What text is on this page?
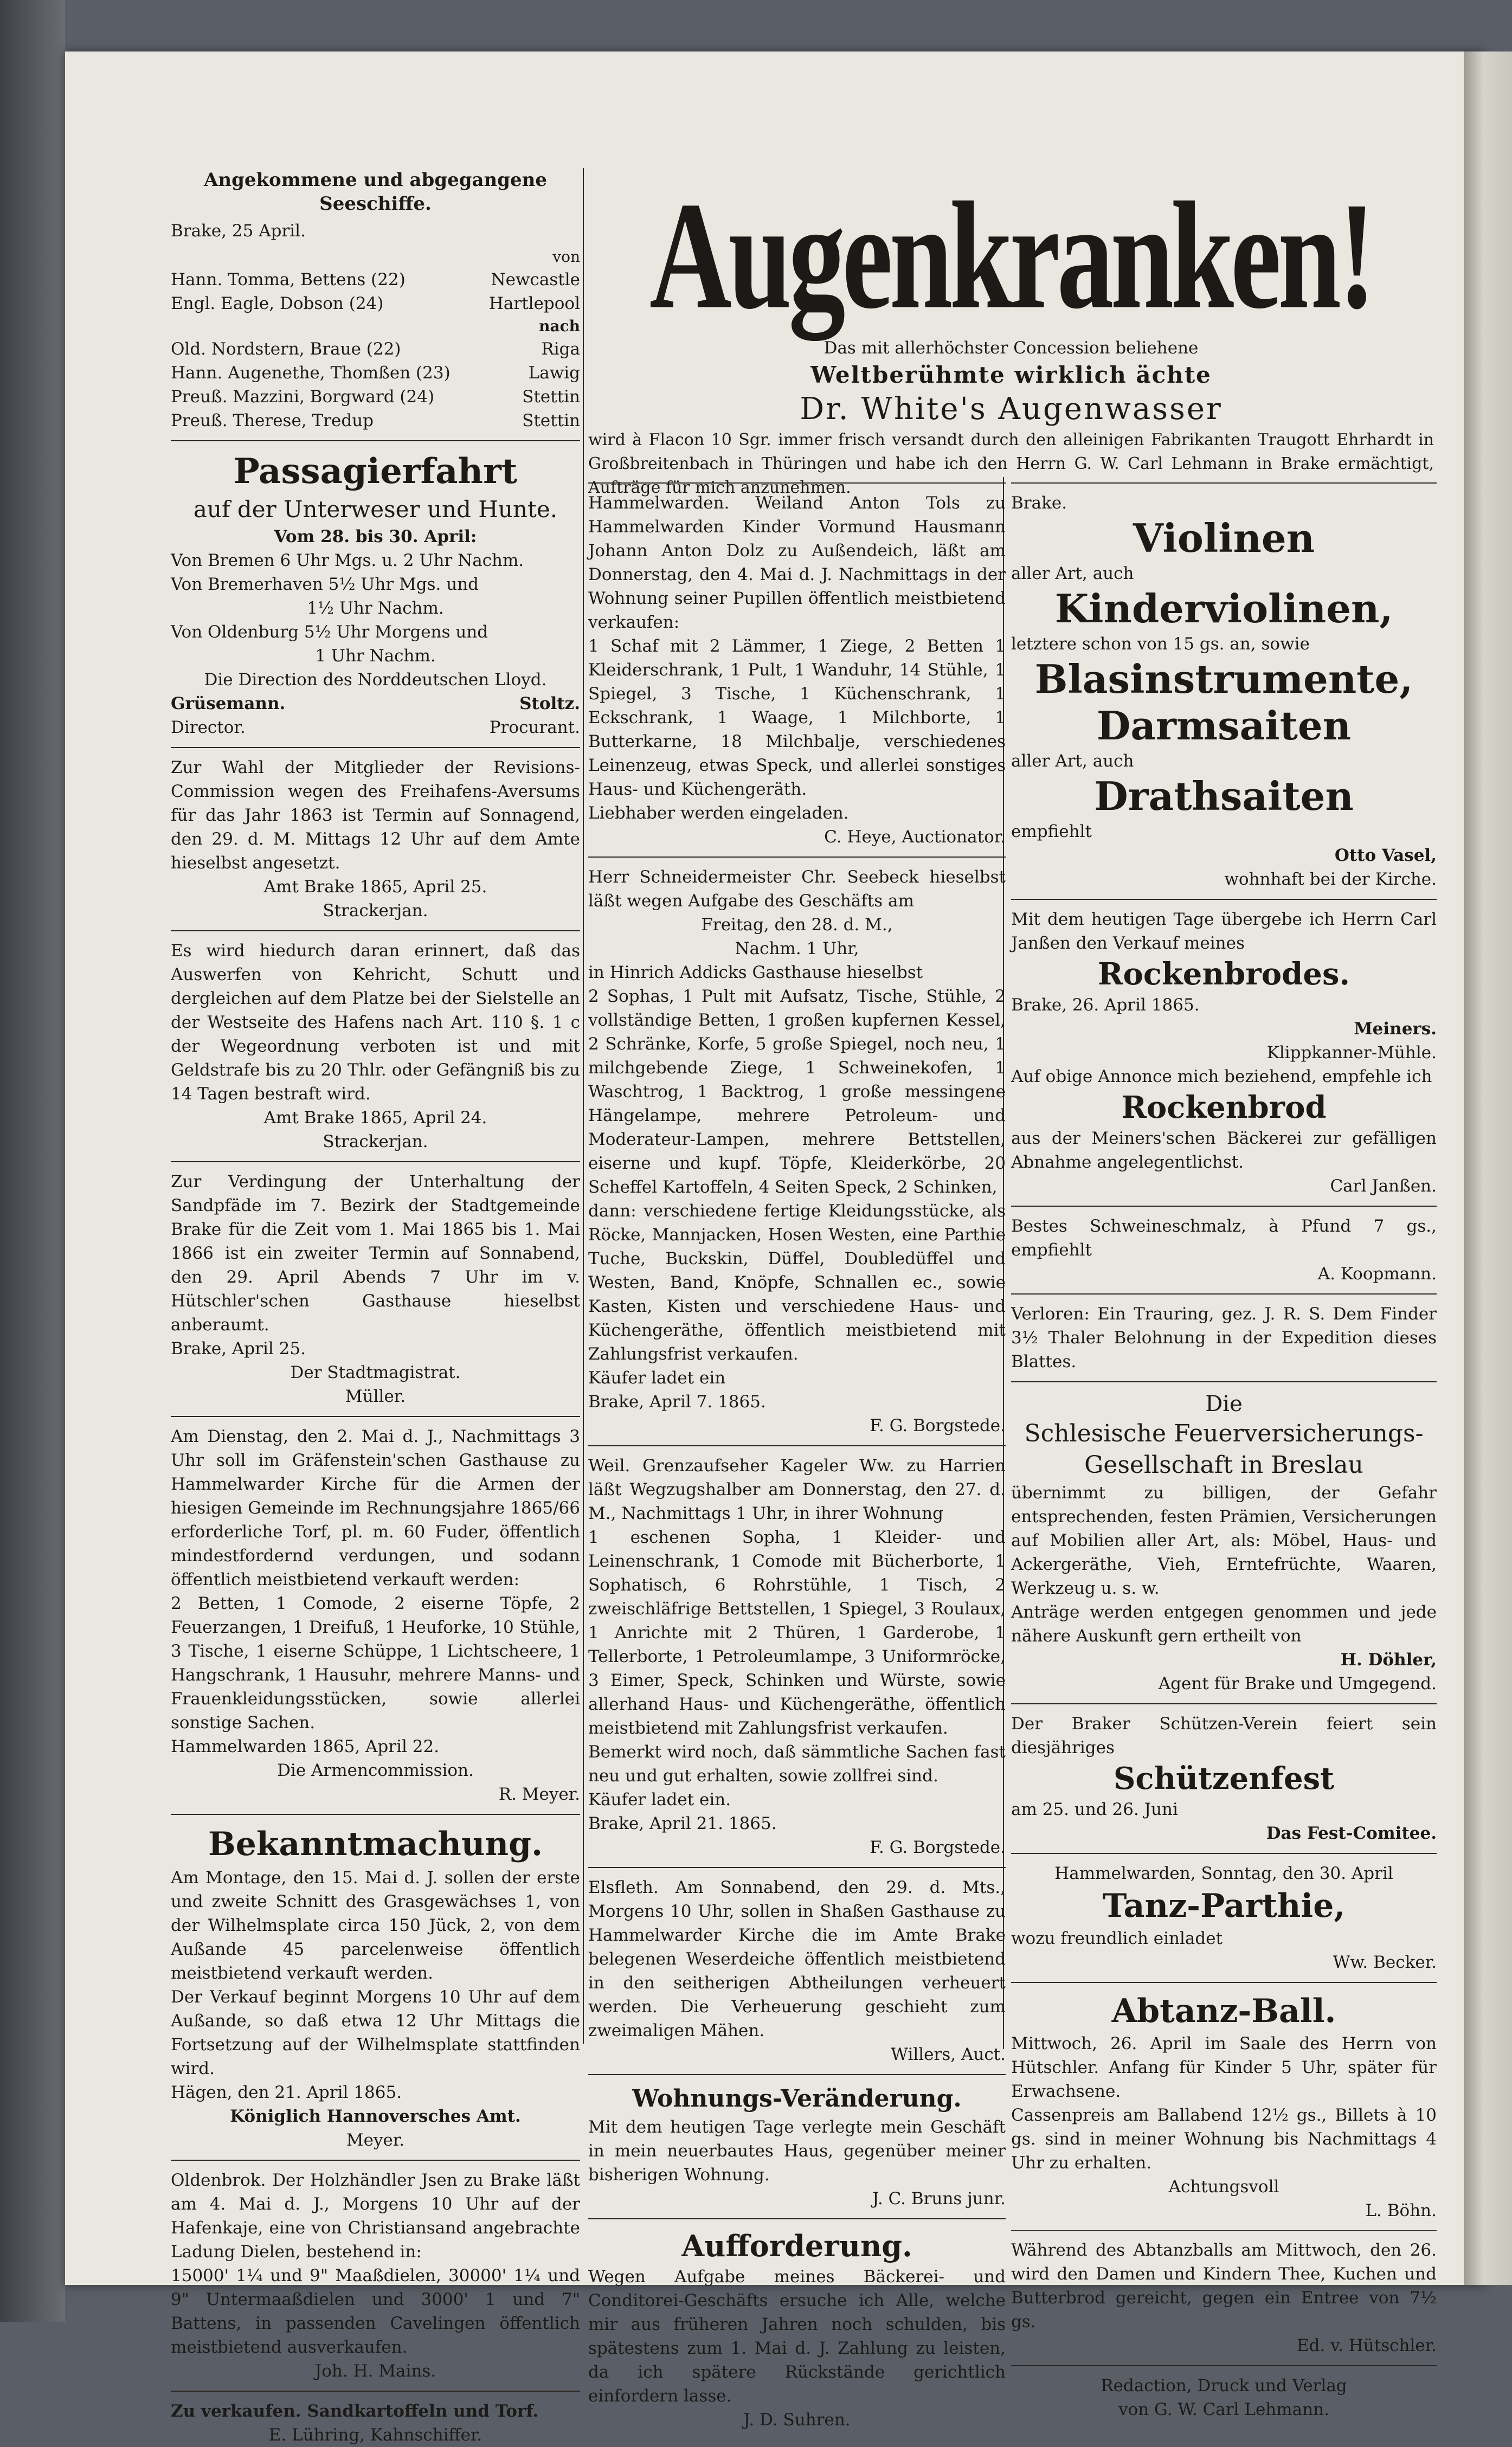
Angekommene und abgegangene

Seeschiffe.

Brake, 25 April.

von

Hann. Tomma, Bettens (22)	Newcastle
Engl. Eagle, Dobson (24)	Hartlepool

nach

Old. Nordstern, Braue (22)	Riga
Hann. Augenethe, Thomßen (23)	Lawig
Preuß. Mazzini, Borgward (24)	Stettin
Preuß. Therese, Tredup	Stettin

Passagierfahrt

auf der Unterweser und Hunte.

Vom 28. bis 30. April:

Von Bremen 6 Uhr Mgs. u. 2 Uhr Nachm.

Von Bremerhaven 5½ Uhr Mgs. und

1½ Uhr Nachm.

Von Oldenburg 5½ Uhr Morgens und

1 Uhr Nachm.

Die Direction des Norddeutschen Lloyd.

Grüsemann.	Stoltz.
Director.	Procurant.

Zur Wahl der Mitglieder der Revisions-Commission wegen des Freihafens-Aversums für das Jahr 1863 ist Termin auf Sonnagend, den 29. d. M. Mittags 12 Uhr auf dem Amte hieselbst angesetzt.

Amt Brake 1865, April 25.

Strackerjan.

Es wird hiedurch daran erinnert, daß das Auswerfen von Kehricht, Schutt und dergleichen auf dem Platze bei der Sielstelle an der Westseite des Hafens nach Art. 110 §. 1 c der Wegeordnung verboten ist und mit Geldstrafe bis zu 20 Thlr. oder Gefängniß bis zu 14 Tagen bestraft wird.

Amt Brake 1865, April 24.

Strackerjan.

Zur Verdingung der Unterhaltung der Sandpfäde im 7. Bezirk der Stadtgemeinde Brake für die Zeit vom 1. Mai 1865 bis 1. Mai 1866 ist ein zweiter Termin auf Sonnabend, den 29. April Abends 7 Uhr im v. Hütschler'schen Gasthause hieselbst anberaumt.

Brake, April 25.

Der Stadtmagistrat.

Müller.

Am Dienstag, den 2. Mai d. J., Nachmittags 3 Uhr soll im Gräfenstein'schen Gasthause zu Hammelwarder Kirche für die Armen der hiesigen Gemeinde im Rechnungsjahre 1865/66 erforderliche Torf, pl. m. 60 Fuder, öffentlich mindestfordernd verdungen, und sodann öffentlich meistbietend verkauft werden:

2 Betten, 1 Comode, 2 eiserne Töpfe, 2 Feuerzangen, 1 Dreifuß, 1 Heuforke, 10 Stühle, 3 Tische, 1 eiserne Schüppe, 1 Lichtscheere, 1 Hangschrank, 1 Hausuhr, mehrere Manns- und Frauenkleidungsstücken, sowie allerlei sonstige Sachen.

Hammelwarden 1865, April 22.

Die Armencommission.

R. Meyer.

Bekanntmachung.

Am Montage, den 15. Mai d. J. sollen der erste und zweite Schnitt des Grasgewächses 1, von der Wilhelmsplate circa 150 Jück, 2, von dem Außande 45 parcelenweise öffentlich meistbietend verkauft werden.

Der Verkauf beginnt Morgens 10 Uhr auf dem Außande, so daß etwa 12 Uhr Mittags die Fortsetzung auf der Wilhelmsplate stattfinden wird.

Hägen, den 21. April 1865.

Königlich Hannoversches Amt.

Meyer.

Oldenbrok. Der Holzhändler Jsen zu Brake läßt am 4. Mai d. J., Morgens 10 Uhr auf der Hafenkaje, eine von Christiansand angebrachte Ladung Dielen, bestehend in:

15000' 1¼ und 9" Maaßdielen, 30000' 1¼ und 9" Untermaaßdielen und 3000' 1 und 7" Battens, in passenden Cavelingen öffentlich meistbietend ausverkaufen.

Joh. H. Mains.

Zu verkaufen. Sandkartoffeln und Torf.

E. Lühring, Kahnschiffer.

Augenkranken!

Das mit allerhöchster Concession beliehene

Weltberühmte wirklich ächte

Dr. White's Augenwasser

wird à Flacon 10 Sgr. immer frisch versandt durch den alleinigen Fabrikanten Traugott Ehrhardt in Großbreitenbach in Thüringen und habe ich den Herrn G. W. Carl Lehmann in Brake ermächtigt, Aufträge für mich anzunehmen.

Hammelwarden. Weiland Anton Tols zu Hammelwarden Kinder Vormund Hausmann Johann Anton Dolz zu Außendeich, läßt am Donnerstag, den 4. Mai d. J. Nachmittags in der Wohnung seiner Pupillen öffentlich meistbietend verkaufen:

1 Schaf mit 2 Lämmer, 1 Ziege, 2 Betten 1 Kleiderschrank, 1 Pult, 1 Wanduhr, 14 Stühle, 1 Spiegel, 3 Tische, 1 Küchenschrank, 1 Eckschrank, 1 Waage, 1 Milchborte, 1 Butterkarne, 18 Milchbalje, verschiedenes Leinenzeug, etwas Speck, und allerlei sonstiges Haus- und Küchengeräth.

Liebhaber werden eingeladen.

C. Heye, Auctionator.

Herr Schneidermeister Chr. Seebeck hieselbst läßt wegen Aufgabe des Geschäfts am

Freitag, den 28. d. M.,

Nachm. 1 Uhr,

in Hinrich Addicks Gasthause hieselbst

2 Sophas, 1 Pult mit Aufsatz, Tische, Stühle, 2 vollständige Betten, 1 großen kupfernen Kessel, 2 Schränke, Korfe, 5 große Spiegel, noch neu, 1 milchgebende Ziege, 1 Schweinekofen, 1 Waschtrog, 1 Backtrog, 1 große messingene Hängelampe, mehrere Petroleum- und Moderateur-Lampen, mehrere Bettstellen, eiserne und kupf. Töpfe, Kleiderkörbe, 20 Scheffel Kartoffeln, 4 Seiten Speck, 2 Schinken,

dann: verschiedene fertige Kleidungsstücke, als Röcke, Mannjacken, Hosen Westen, eine Parthie Tuche, Buckskin, Düffel, Doubledüffel und Westen, Band, Knöpfe, Schnallen ec., sowie Kasten, Kisten und verschiedene Haus- und Küchengeräthe, öffentlich meistbietend mit Zahlungsfrist verkaufen.

Käufer ladet ein

Brake, April 7. 1865.

F. G. Borgstede.

Weil. Grenzaufseher Kageler Ww. zu Harrien läßt Wegzugshalber am Donnerstag, den 27. d. M., Nachmittags 1 Uhr, in ihrer Wohnung

1 eschenen Sopha, 1 Kleider- und Leinenschrank, 1 Comode mit Bücherborte, 1 Sophatisch, 6 Rohrstühle, 1 Tisch, 2 zweischläfrige Bettstellen, 1 Spiegel, 3 Roulaux, 1 Anrichte mit 2 Thüren, 1 Garderobe, 1 Tellerborte, 1 Petroleumlampe, 3 Uniformröcke, 3 Eimer, Speck, Schinken und Würste, sowie allerhand Haus- und Küchengeräthe, öffentlich meistbietend mit Zahlungsfrist verkaufen.

Bemerkt wird noch, daß sämmtliche Sachen fast neu und gut erhalten, sowie zollfrei sind.

Käufer ladet ein.

Brake, April 21. 1865.

F. G. Borgstede.

Elsfleth. Am Sonnabend, den 29. d. Mts., Morgens 10 Uhr, sollen in Shaßen Gasthause zu Hammelwarder Kirche die im Amte Brake belegenen Weserdeiche öffentlich meistbietend in den seitherigen Abtheilungen verheuert werden. Die Verheuerung geschieht zum zweimaligen Mähen.

Willers, Auct.

Wohnungs-Veränderung.

Mit dem heutigen Tage verlegte mein Geschäft in mein neuerbautes Haus, gegenüber meiner bisherigen Wohnung.

J. C. Bruns junr.

Aufforderung.

Wegen Aufgabe meines Bäckerei- und Conditorei-Geschäfts ersuche ich Alle, welche mir aus früheren Jahren noch schulden, bis spätestens zum 1. Mai d. J. Zahlung zu leisten, da ich spätere Rückstände gerichtlich einfordern lasse.

J. D. Suhren.

Brake.

Violinen

aller Art, auch

Kinderviolinen,

letztere schon von 15 gs. an, sowie

Blasinstrumente,

Darmsaiten

aller Art, auch

Drathsaiten

empfiehlt

Otto Vasel,

wohnhaft bei der Kirche.

Mit dem heutigen Tage übergebe ich Herrn Carl Janßen den Verkauf meines

Rockenbrodes.

Brake, 26. April 1865.

Meiners.

Klippkanner-Mühle.

Auf obige Annonce mich beziehend, empfehle ich

Rockenbrod

aus der Meiners'schen Bäckerei zur gefälligen Abnahme angelegentlichst.

Carl Janßen.

Bestes Schweineschmalz, à Pfund 7 gs., empfiehlt

A. Koopmann.

Verloren: Ein Trauring, gez. J. R. S. Dem Finder 3½ Thaler Belohnung in der Expedition dieses Blattes.

Die

Schlesische Feuerversicherungs-

Gesellschaft in Breslau

übernimmt zu billigen, der Gefahr entsprechenden, festen Prämien, Versicherungen auf Mobilien aller Art, als: Möbel, Haus- und Ackergeräthe, Vieh, Erntefrüchte, Waaren, Werkzeug u. s. w.

Anträge werden entgegen genommen und jede nähere Auskunft gern ertheilt von

H. Döhler,

Agent für Brake und Umgegend.

Der Braker Schützen-Verein feiert sein diesjähriges

Schützenfest

am 25. und 26. Juni

Das Fest-Comitee.

Hammelwarden, Sonntag, den 30. April

Tanz-Parthie,

wozu freundlich einladet

Ww. Becker.

Abtanz-Ball.

Mittwoch, 26. April im Saale des Herrn von Hütschler. Anfang für Kinder 5 Uhr, später für Erwachsene.

Cassenpreis am Ballabend 12½ gs., Billets à 10 gs. sind in meiner Wohnung bis Nachmittags 4 Uhr zu erhalten.

Achtungsvoll

L. Böhn.

Während des Abtanzballs am Mittwoch, den 26. wird den Damen und Kindern Thee, Kuchen und Butterbrod gereicht, gegen ein Entree von 7½ gs.

Ed. v. Hütschler.

Redaction, Druck und Verlag

von G. W. Carl Lehmann.
